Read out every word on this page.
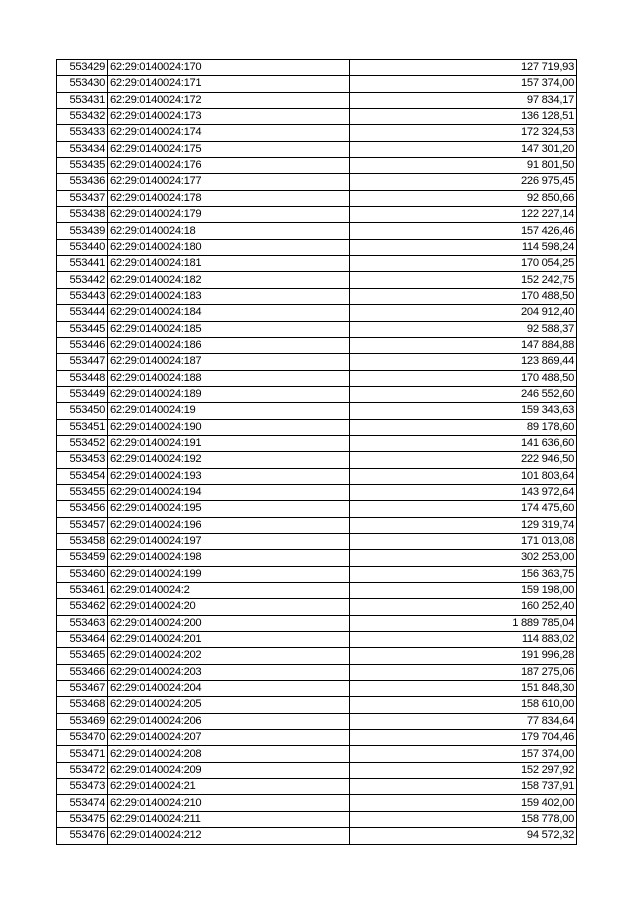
553429	62:29:0140024:170	127 719,93
553430	62:29:0140024:171	157 374,00
553431	62:29:0140024:172	97 834,17
553432	62:29:0140024:173	136 128,51
553433	62:29:0140024:174	172 324,53
553434	62:29:0140024:175	147 301,20
553435	62:29:0140024:176	91 801,50
553436	62:29:0140024:177	226 975,45
553437	62:29:0140024:178	92 850,66
553438	62:29:0140024:179	122 227,14
553439	62:29:0140024:18	157 426,46
553440	62:29:0140024:180	114 598,24
553441	62:29:0140024:181	170 054,25
553442	62:29:0140024:182	152 242,75
553443	62:29:0140024:183	170 488,50
553444	62:29:0140024:184	204 912,40
553445	62:29:0140024:185	92 588,37
553446	62:29:0140024:186	147 884,88
553447	62:29:0140024:187	123 869,44
553448	62:29:0140024:188	170 488,50
553449	62:29:0140024:189	246 552,60
553450	62:29:0140024:19	159 343,63
553451	62:29:0140024:190	89 178,60
553452	62:29:0140024:191	141 636,60
553453	62:29:0140024:192	222 946,50
553454	62:29:0140024:193	101 803,64
553455	62:29:0140024:194	143 972,64
553456	62:29:0140024:195	174 475,60
553457	62:29:0140024:196	129 319,74
553458	62:29:0140024:197	171 013,08
553459	62:29:0140024:198	302 253,00
553460	62:29:0140024:199	156 363,75
553461	62:29:0140024:2	159 198,00
553462	62:29:0140024:20	160 252,40
553463	62:29:0140024:200	1 889 785,04
553464	62:29:0140024:201	114 883,02
553465	62:29:0140024:202	191 996,28
553466	62:29:0140024:203	187 275,06
553467	62:29:0140024:204	151 848,30
553468	62:29:0140024:205	158 610,00
553469	62:29:0140024:206	77 834,64
553470	62:29:0140024:207	179 704,46
553471	62:29:0140024:208	157 374,00
553472	62:29:0140024:209	152 297,92
553473	62:29:0140024:21	158 737,91
553474	62:29:0140024:210	159 402,00
553475	62:29:0140024:211	158 778,00
553476	62:29:0140024:212	94 572,32
